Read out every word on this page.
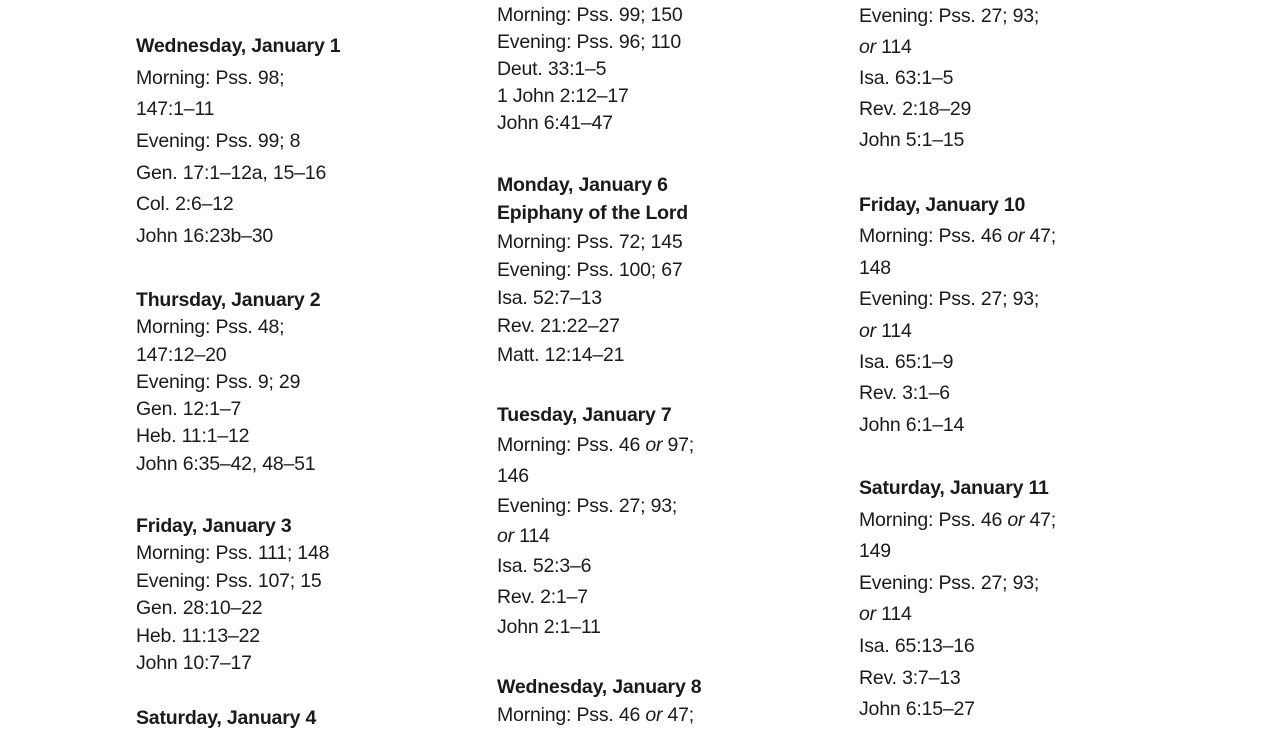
Wednesday, January 1
Morning: Pss. 98;
147:1–11
Evening: Pss. 99; 8
Gen. 17:1–12a, 15–16
Col. 2:6–12
John 16:23b–30
Thursday, January 2
Morning: Pss. 48;
147:12–20
Evening: Pss. 9; 29
Gen. 12:1–7
Heb. 11:1–12
John 6:35–42, 48–51
Friday, January 3
Morning: Pss. 111; 148
Evening: Pss. 107; 15
Gen. 28:10–22
Heb. 11:13–22
John 10:7–17
Saturday, January 4
Morning: Pss. 99; 150
Evening: Pss. 96; 110
Deut. 33:1–5
1 John 2:12–17
John 6:41–47
Monday, January 6
Epiphany of the Lord
Morning: Pss. 72; 145
Evening: Pss. 100; 67
Isa. 52:7–13
Rev. 21:22–27
Matt. 12:14–21
Tuesday, January 7
Morning: Pss. 46 or 97;
146
Evening: Pss. 27; 93;
or 114
Isa. 52:3–6
Rev. 2:1–7
John 2:1–11
Wednesday, January 8
Morning: Pss. 46 or 47;
Evening: Pss. 27; 93;
or 114
Isa. 63:1–5
Rev. 2:18–29
John 5:1–15
Friday, January 10
Morning: Pss. 46 or 47;
148
Evening: Pss. 27; 93;
or 114
Isa. 65:1–9
Rev. 3:1–6
John 6:1–14
Saturday, January 11
Morning: Pss. 46 or 47;
149
Evening: Pss. 27; 93;
or 114
Isa. 65:13–16
Rev. 3:7–13
John 6:15–27
